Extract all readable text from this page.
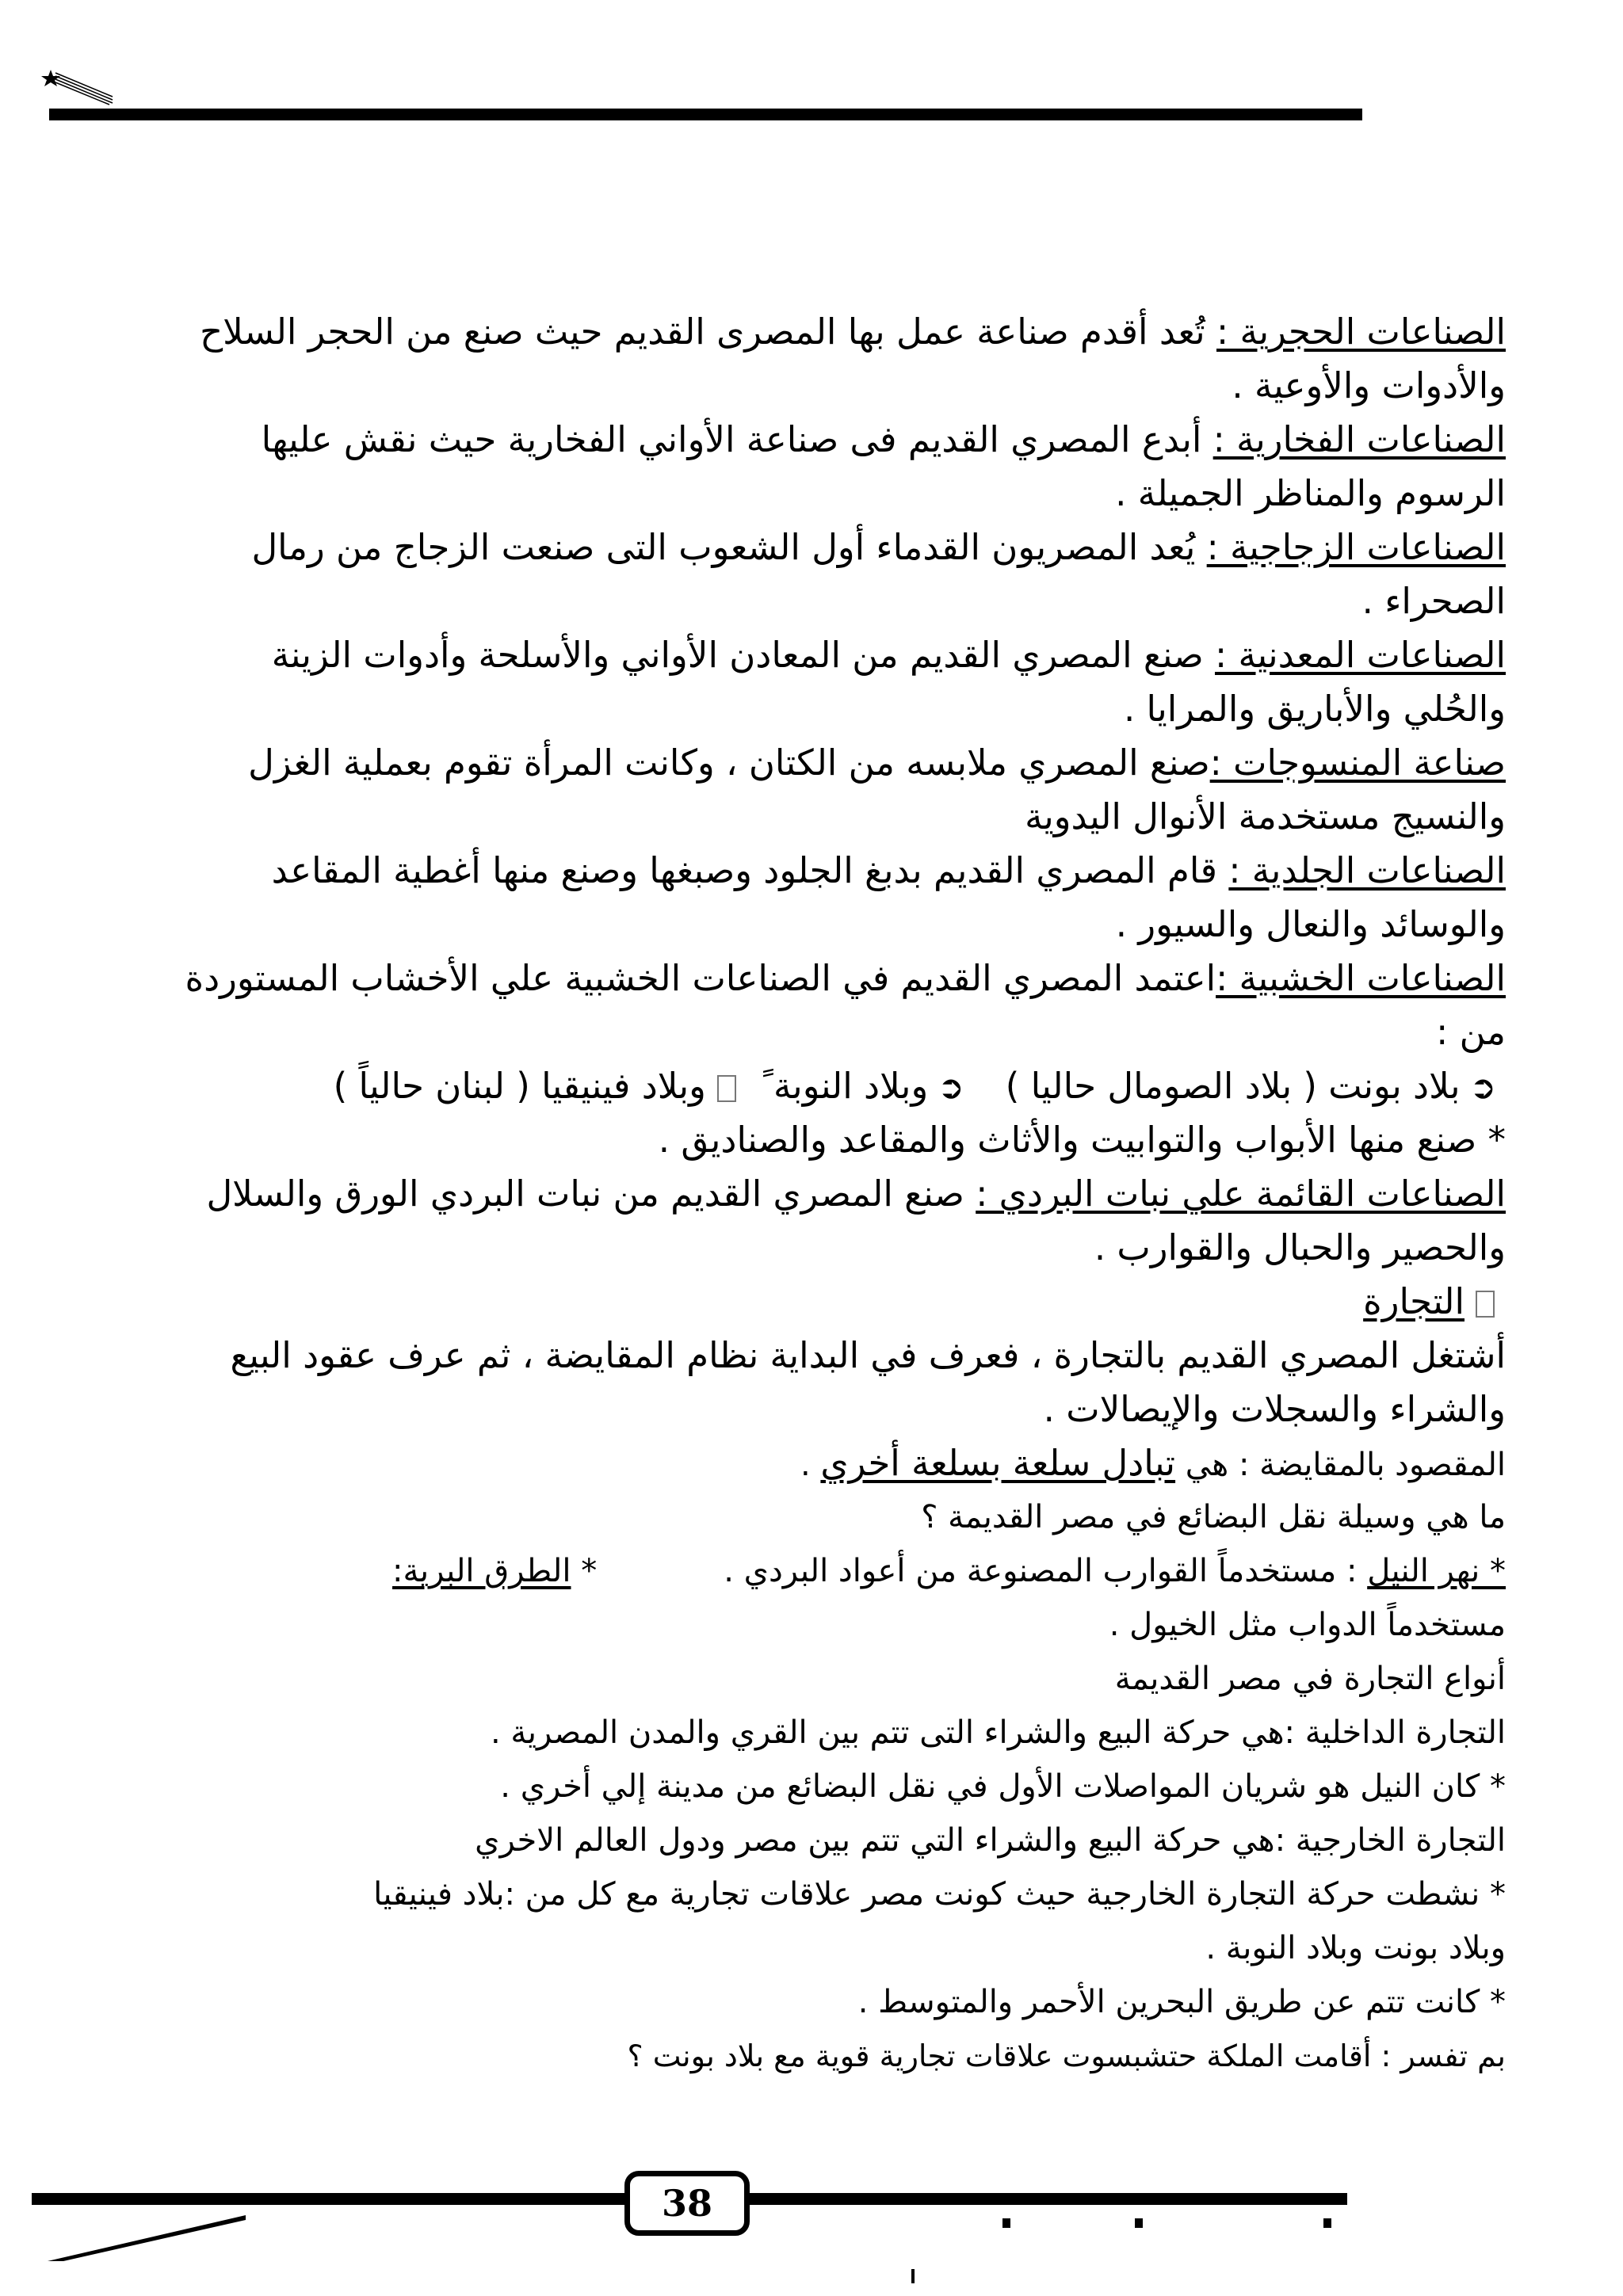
الصناعات الحجرية : تُعد أقدم صناعة عمل بها المصرى القديم حيث صنع من الحجر السلاح
والأدوات والأوعية .
الصناعات الفخارية : أبدع المصري القديم فى صناعة الأواني الفخارية حيث نقش عليها
الرسوم والمناظر الجميلة .
الصناعات الزجاجية : يُعد المصريون القدماء أول الشعوب التى صنعت الزجاج من رمال
الصحراء .
الصناعات المعدنية : صنع المصري القديم من المعادن الأواني والأسلحة وأدوات الزينة
والحُلي والأباريق والمرايا .
صناعة المنسوجات :صنع المصري ملابسه من الكتان ، وكانت المرأة تقوم بعملية الغزل
والنسيج مستخدمة الأنوال اليدوية
الصناعات الجلدية : قام المصري القديم بدبغ الجلود وصبغها وصنع منها أغطية المقاعد
والوسائد والنعال والسيور .
الصناعات الخشبية :اعتمد المصري القديم في الصناعات الخشبية علي الأخشاب المستوردة
من :
➲بلاد بونت ( بلاد الصومال حاليا )➲وبلاد النوبة ًوبلاد فينيقيا ( لبنان حالياً )
* صنع منها الأبواب والتوابيت والأثاث والمقاعد والصناديق .
الصناعات القائمة علي نبات البردي : صنع المصري القديم من نبات البردي الورق والسلال
والحصير والحبال والقوارب .
التجارة
أشتغل المصري القديم بالتجارة ، فعرف في البداية نظام المقايضة ، ثم عرف عقود البيع
والشراء والسجلات والإيصالات .
المقصود بالمقايضة : هي تبادل سلعة بسلعة أخري .
ما هي وسيلة نقل البضائع في مصر القديمة ؟
* نهر النيل : مستخدماً القوارب المصنوعة من أعواد البردي .* الطرق البرية:
مستخدماً الدواب مثل الخيول .
أنواع التجارة في مصر القديمة
التجارة الداخلية :هي حركة البيع والشراء التى تتم بين القري والمدن المصرية .
* كان النيل هو شريان المواصلات الأول في نقل البضائع من مدينة إلي أخري .
التجارة الخارجية :هي حركة البيع والشراء التي تتم بين مصر ودول العالم الاخري
* نشطت حركة التجارة الخارجية حيث كونت مصر علاقات تجارية مع كل من :بلاد فينيقيا
وبلاد بونت وبلاد النوبة .
* كانت تتم عن طريق البحرين الأحمر والمتوسط .
بم تفسر : أقامت الملكة حتشبسوت علاقات تجارية قوية مع بلاد بونت ؟
38
